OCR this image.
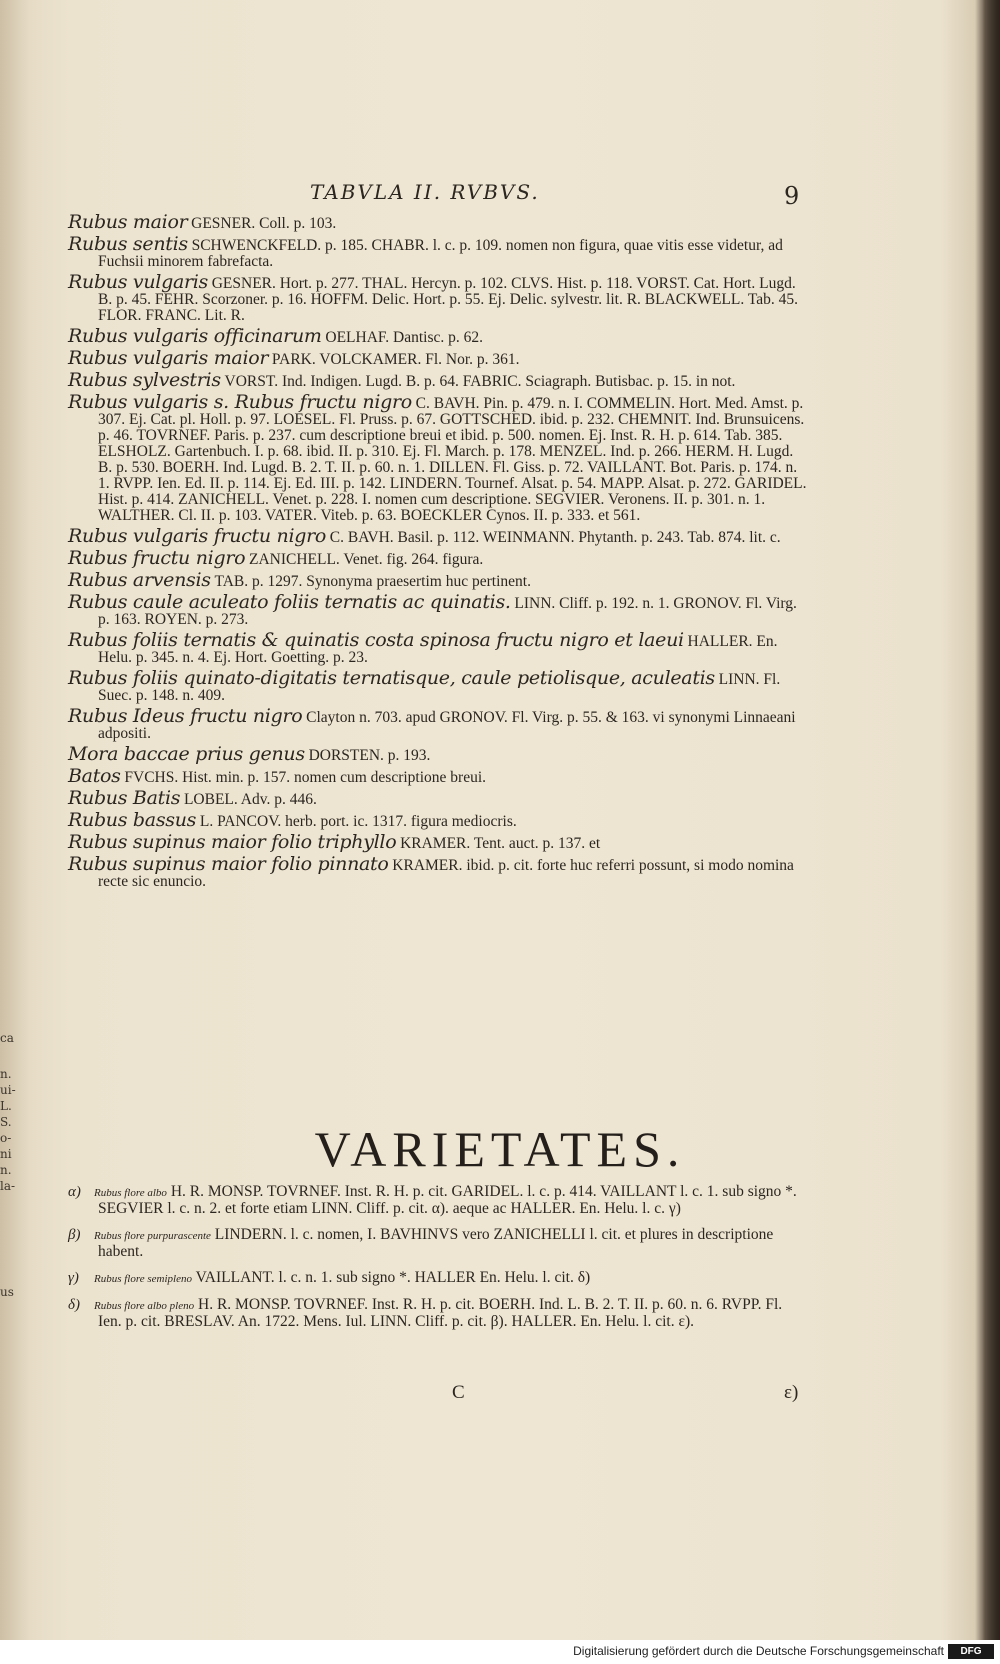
ca
n.
ui-
L.
S.
o-
ni
n.
la-
us
TABVLA II. RVBVS.	9
Rubus maior GESNER. Coll. p. 103.
Rubus sentis SCHWENCKFELD. p. 185. CHABR. l. c. p. 109. nomen non figura, quae vitis esse videtur, ad Fuchsii minorem fabrefacta.
Rubus vulgaris GESNER. Hort. p. 277. THAL. Hercyn. p. 102. CLVS. Hist. p. 118. VORST. Cat. Hort. Lugd. B. p. 45. FEHR. Scorzoner. p. 16. HOFFM. Delic. Hort. p. 55. Ej. Delic. sylvestr. lit. R. BLACKWELL. Tab. 45. FLOR. FRANC. Lit. R.
Rubus vulgaris officinarum OELHAF. Dantisc. p. 62.
Rubus vulgaris maior PARK. VOLCKAMER. Fl. Nor. p. 361.
Rubus sylvestris VORST. Ind. Indigen. Lugd. B. p. 64. FABRIC. Sciagraph. Butisbac. p. 15. in not.
Rubus vulgaris s. Rubus fructu nigro C. BAVH. Pin. p. 479. n. I. COMMELIN. Hort. Med. Amst. p. 307. Ej. Cat. pl. Holl. p. 97. LOESEL. Fl. Pruss. p. 67. GOTTSCHED. ibid. p. 232. CHEMNIT. Ind. Brunsuicens. p. 46. TOVRNEF. Paris. p. 237. cum descriptione breui et ibid. p. 500. nomen. Ej. Inst. R. H. p. 614. Tab. 385. ELSHOLZ. Gartenbuch. I. p. 68. ibid. II. p. 310. Ej. Fl. March. p. 178. MENZEL. Ind. p. 266. HERM. H. Lugd. B. p. 530. BOERH. Ind. Lugd. B. 2. T. II. p. 60. n. 1. DILLEN. Fl. Giss. p. 72. VAILLANT. Bot. Paris. p. 174. n. 1. RVPP. Ien. Ed. II. p. 114. Ej. Ed. III. p. 142. LINDERN. Tournef. Alsat. p. 54. MAPP. Alsat. p. 272. GARIDEL. Hist. p. 414. ZANICHELL. Venet. p. 228. I. nomen cum descriptione. SEGVIER. Veronens. II. p. 301. n. 1. WALTHER. Cl. II. p. 103. VATER. Viteb. p. 63. BOECKLER Cynos. II. p. 333. et 561.
Rubus vulgaris fructu nigro C. BAVH. Basil. p. 112. WEINMANN. Phytanth. p. 243. Tab. 874. lit. c.
Rubus fructu nigro ZANICHELL. Venet. fig. 264. figura.
Rubus arvensis TAB. p. 1297. Synonyma praesertim huc pertinent.
Rubus caule aculeato foliis ternatis ac quinatis. LINN. Cliff. p. 192. n. 1. GRONOV. Fl. Virg. p. 163. ROYEN. p. 273.
Rubus foliis ternatis & quinatis costa spinosa fructu nigro et laeui HALLER. En. Helu. p. 345. n. 4. Ej. Hort. Goetting. p. 23.
Rubus foliis quinato-digitatis ternatisque, caule petiolisque, aculeatis LINN. Fl. Suec. p. 148. n. 409.
Rubus Ideus fructu nigro Clayton n. 703. apud GRONOV. Fl. Virg. p. 55. & 163. vi synonymi Linnaeani adpositi.
Mora baccae prius genus DORSTEN. p. 193.
Batos FVCHS. Hist. min. p. 157. nomen cum descriptione breui.
Rubus Batis LOBEL. Adv. p. 446.
Rubus bassus L. PANCOV. herb. port. ic. 1317. figura mediocris.
Rubus supinus maior folio triphyllo KRAMER. Tent. auct. p. 137. et
Rubus supinus maior folio pinnato KRAMER. ibid. p. cit. forte huc referri possunt, si modo nomina recte sic enuncio.
VARIETATES.
α) Rubus flore albo H. R. MONSP. TOVRNEF. Inst. R. H. p. cit. GARIDEL. l. c. p. 414. VAILLANT l. c. 1. sub signo *. SEGVIER l. c. n. 2. et forte etiam LINN. Cliff. p. cit. α). aeque ac HALLER. En. Helu. l. c. γ)
β) Rubus flore purpurascente LINDERN. l. c. nomen, I. BAVHINVS vero ZANICHELLI l. cit. et plures in descriptione habent.
γ) Rubus flore semipleno VAILLANT. l. c. n. 1. sub signo *. HALLER En. Helu. l. cit. δ)
δ) Rubus flore albo pleno H. R. MONSP. TOVRNEF. Inst. R. H. p. cit. BOERH. Ind. L. B. 2. T. II. p. 60. n. 6. RVPP. Fl. Ien. p. cit. BRESLAV. An. 1722. Mens. Iul. LINN. Cliff. p. cit. β). HALLER. En. Helu. l. cit. ε).
C	ε)
Digitalisierung gefördert durch die Deutsche Forschungsgemeinschaft	DFG
